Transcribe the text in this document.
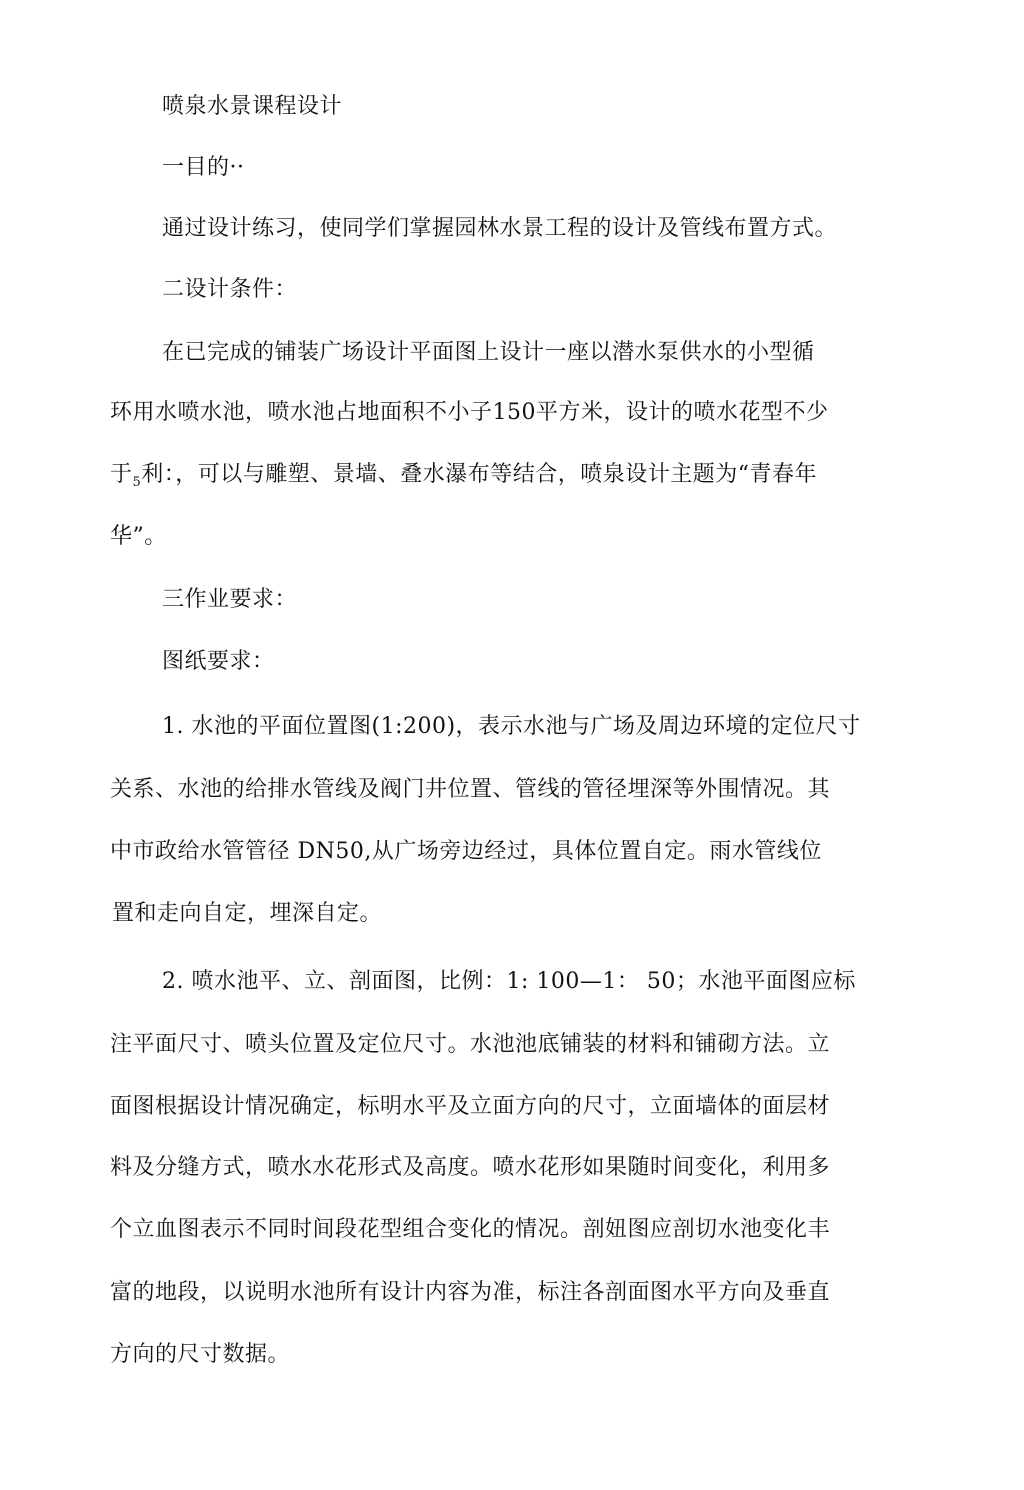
喷泉水景课程设计
一目的··
通过设计练习，使同学们掌握园林水景工程的设计及管线布置方式。
二设计条件：
在已完成的铺装广场设计平面图上设计一座以潜水泵供水的小型循
环用水喷水池，喷水池占地面积不小子150平方米，设计的喷水花型不少
于$_5$利：，可以与雕塑、景墙、叠水瀑布等结合，喷泉设计主题为“青春年
华”。
三作业要求：
图纸要求：
1. 水池的平面位置图(1:200)，表示水池与广场及周边环境的定位尺寸
关系、水池的给排水管线及阀门井位置、管线的管径埋深等外围情况。其
中市政给水管管径 DN50,从广场旁边经过，具体位置自定。雨水管线位
置和走向自定，埋深自定。
2. 喷水池平、立、剖面图，比例：1: 100—1： 50；水池平面图应标
注平面尺寸、喷头位置及定位尺寸。水池池底铺装的材料和铺砌方法。立
面图根据设计情况确定，标明水平及立面方向的尺寸，立面墙体的面层材
料及分缝方式，喷水水花形式及高度。喷水花形如果随时间变化，利用多
个立血图表示不同时间段花型组合变化的情况。剖妞图应剖切水池变化丰
富的地段，以说明水池所有设计内容为准，标注各剖面图水平方向及垂直
方向的尺寸数据。
